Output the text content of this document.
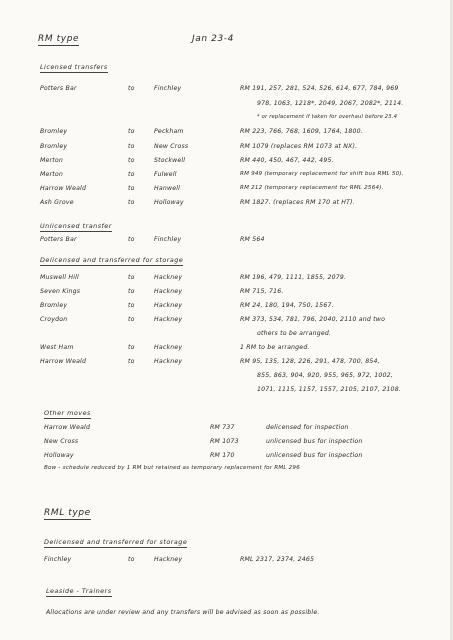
RM type	Jan 23-4
Licensed transfers
Potters Bar	to	Finchley	RM 191, 257, 281, 524, 526, 614, 677, 784, 969
978, 1063, 1218*, 2049, 2067, 2082*, 2114.
* or replacement if taken for overhaul before 23.4
Bromley	to	Peckham	RM 223, 766, 768, 1609, 1764, 1800.
Bromley	to	New Cross	RM 1079 (replaces RM 1073 at NX).
Merton	to	Stockwell	RM 440, 450, 467, 442, 495.
Merton	to	Fulwell	RM 949 (temporary replacement for shift bus RML 50).
Harrow Weald	to	Hanwell	RM 212 (temporary replacement for RML 2564).
Ash Grove	to	Holloway	RM 1827. (replaces RM 170 at HT).
Unlicensed transfer
Potters Bar	to	Finchley	RM 564
Delicensed and transferred for storage
Muswell Hill	to	Hackney	RM 196, 479, 1111, 1855, 2079.
Seven Kings	to	Hackney	RM 715, 716.
Bromley	to	Hackney	RM 24, 180, 194, 750, 1567.
Croydon	to	Hackney	RM 373, 534, 781, 796, 2040, 2110 and two
others to be arranged.
West Ham	to	Hackney	1 RM to be arranged.
Harrow Weald	to	Hackney	RM 95, 135, 128, 226, 291, 478, 700, 854,
855, 863, 904, 920, 955, 965, 972, 1002,
1071, 1115, 1157, 1557, 2105, 2107, 2108.
Other moves
Harrow Weald	RM 737	delicensed for inspection
New Cross	RM 1073	unlicensed bus for inspection
Holloway	RM 170	unlicensed bus for inspection
Bow - schedule reduced by 1 RM but retained as temporary replacement for RML 296
RML type
Delicensed and transferred for storage
Finchley	to	Hackney	RML 2317, 2374, 2465
Leaside - Trainers
Allocations are under review and any transfers will be advised as soon as possible.
